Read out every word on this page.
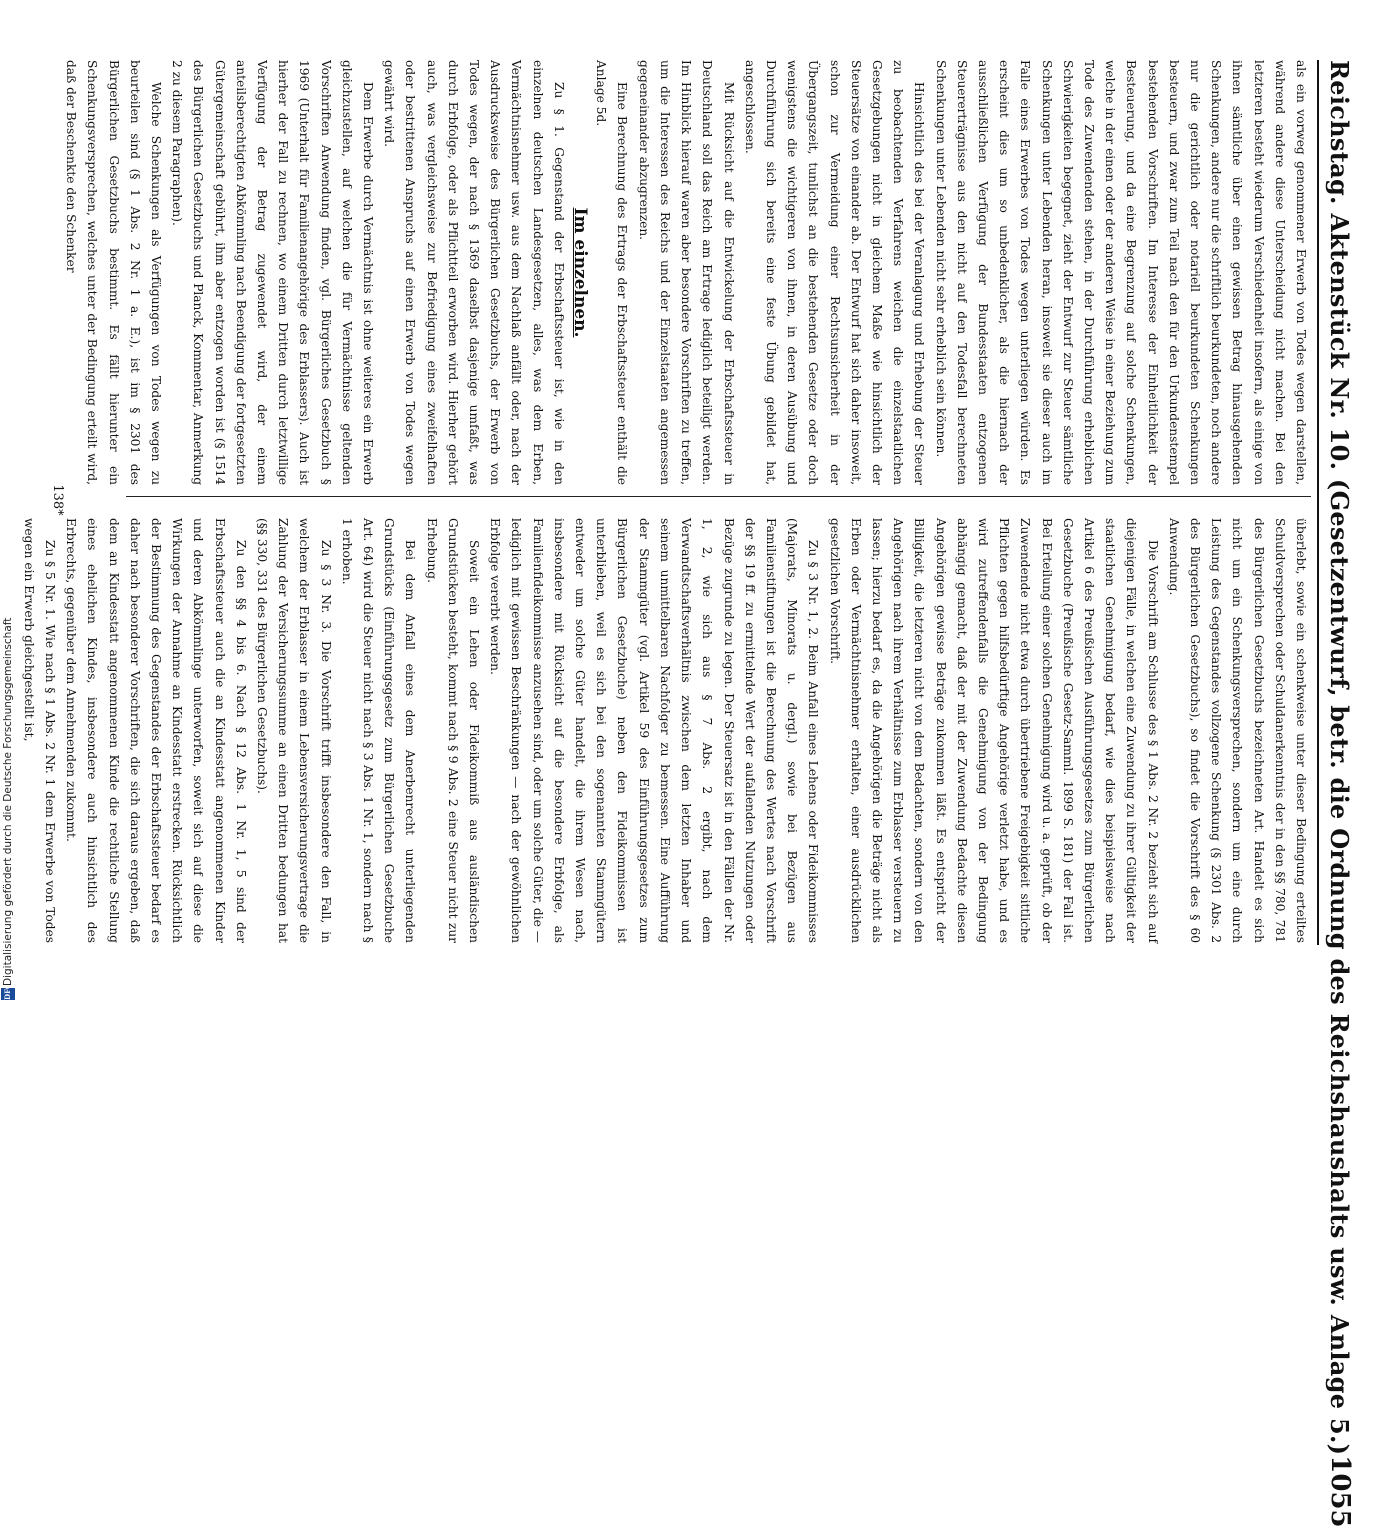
Reichstag. Aktenstück Nr. 10. (Gesetzentwurf, betr. die Ordnung des Reichshaushalts usw. Anlage 5.)
1055

als ein vorweg genommener Erwerb von Todes wegen darstellen, während andere diese Unterscheidung nicht machen. Bei den letzteren besteht wiederum Verschiedenheit insofern, als einige von ihnen sämtliche über einen gewissen Betrag hinausgehenden Schenkungen, andere nur die schriftlich beurkundeten, noch andere nur die gerichtlich oder notariell beurkundeten Schenkungen besteuern, und zwar zum Teil nach den für den Urkundenstempel bestehenden Vorschriften. Im Interesse der Einheitlichkeit der Besteuerung, und da eine Begrenzung auf solche Schenkungen, welche in der einen oder der anderen Weise in einer Beziehung zum Tode des Zuwendenden stehen, in der Durchführung erheblichen Schwierigkeiten begegnet, zieht der Entwurf zur Steuer sämtliche Schenkungen unter Lebenden heran, insoweit sie dieser auch im Falle eines Erwerbes von Todes wegen unterliegen würden. Es erscheint dies um so unbedenklicher, als die hiernach der ausschließlichen Verfügung der Bundesstaaten entzogenen Steuererträgnisse aus den nicht auf den Todesfall berechneten Schenkungen unter Lebenden nicht sehr erheblich sein können.

Hinsichtlich des bei der Veranlagung und Erhebung der Steuer zu beobachtenden Verfahrens weichen die einzelstaatlichen Gesetzgebungen nicht in gleichem Maße wie hinsichtlich der Steuersätze von einander ab. Der Entwurf hat sich daher insoweit, schon zur Vermeidung einer Rechtsunsicherheit in der Übergangszeit, tunlichst an die bestehenden Gesetze oder doch wenigstens die wichtigeren von ihnen, in deren Ausübung und Durchführung sich bereits eine feste Übung gebildet hat, angeschlossen.

Mit Rücksicht auf die Entwickelung der Erbschaftssteuer in Deutschland soll das Reich am Ertrage lediglich beteiligt werden. Im Hinblick hierauf waren aber besondere Vorschriften zu treffen, um die Interessen des Reichs und der Einzelstaaten angemessen gegeneinander abzugrenzen.

Eine Berechnung des Ertrags der Erbschaftssteuer enthält die Anlage 5d.

Im einzelnen.

Zu § 1. Gegenstand der Erbschaftssteuer ist, wie in den einzelnen deutschen Landesgesetzen, alles, was dem Erben, Vermächtnisnehmer usw. aus dem Nachlaß anfällt oder, nach der Ausdrucksweise des Bürgerlichen Gesetzbuchs, der Erwerb von Todes wegen, der nach § 1369 daselbst dasjenige umfaßt, was durch Erbfolge, oder als Pflichtteil erworben wird. Hierher gehört auch, was vergleichsweise zur Befriedigung eines zweifelhaften oder bestrittenen Anspruchs auf einen Erwerb von Todes wegen gewährt wird.

Dem Erwerbe durch Vermächtnis ist ohne weiteres ein Erwerb gleichzustellen, auf welchen die für Vermächtnisse geltenden Vorschriften Anwendung finden, vgl. Bürgerliches Gesetzbuch § 1969 (Unterhalt für Familienangehörige des Erblassers). Auch ist hierher der Fall zu rechnen, wo einem Dritten durch letztwillige Verfügung der Betrag zugewendet wird, der einem anteilsberechtigten Abkömmling nach Beendigung der fortgesetzten Gütergemeinschaft gebührt, ihm aber entzogen worden ist (§ 1514 des Bürgerlichen Gesetzbuchs und Planck, Kommentar, Anmerkung 2 zu diesem Paragraphen).

Welche Schenkungen als Verfügungen von Todes wegen zu beurteilen sind (§ 1 Abs. 2 Nr. 1 a. E.), ist im § 2301 des Bürgerlichen Gesetzbuchs bestimmt. Es fällt hierunter ein Schenkungsversprechen, welches unter der Bedingung erteilt wird, daß der Beschenkte den Schenker

überlebt, sowie ein schenkweise unter dieser Bedingung erteiltes Schuldversprechen oder Schuldanerkenntnis der in den §§ 780, 781 des Bürgerlichen Gesetzbuchs bezeichneten Art. Handelt es sich nicht um ein Schenkungsversprechen, sondern um eine durch Leistung des Gegenstandes vollzogene Schenkung (§ 2301 Abs. 2 des Bürgerlichen Gesetzbuchs), so findet die Vorschrift des § 60 Anwendung.

Die Vorschrift am Schlusse des § 1 Abs. 2 Nr. 2 bezieht sich auf diejenigen Fälle, in welchen eine Zuwendung zu ihrer Gültigkeit der staatlichen Genehmigung bedarf, wie dies beispielsweise nach Artikel 6 des Preußischen Ausführungsgesetzes zum Bürgerlichen Gesetzbuche (Preußische Gesetz-Samml. 1899 S. 181) der Fall ist. Bei Erteilung einer solchen Genehmigung wird u. a. geprüft, ob der Zuwendende nicht etwa durch übertriebene Freigebigkeit sittliche Pflichten gegen hilfsbedürftige Angehörige verletzt habe, und es wird zutreffendenfalls die Genehmigung von der Bedingung abhängig gemacht, daß der mit der Zuwendung Bedachte diesen Angehörigen gewisse Beträge zukommen läßt. Es entspricht der Billigkeit, die letzteren nicht von dem Bedachten, sondern von den Angehörigen nach ihrem Verhältnisse zum Erblasser versteuern zu lassen; hierzu bedarf es, da die Angehörigen die Beträge nicht als Erben oder Vermächtnisnehmer erhalten, einer ausdrücklichen gesetzlichen Vorschrift.

Zu § 3 Nr. 1, 2. Beim Anfall eines Lehens oder Fideikommisses (Majorats, Minorats u. dergl.) sowie bei Bezügen aus Familienstiftungen ist die Berechnung des Wertes nach Vorschrift der §§ 19 ff. zu ermittelnde Wert der aufallenden Nutzungen oder Bezüge zugrunde zu legen. Der Steuersatz ist in den Fällen der Nr. 1, 2, wie sich aus § 7 Abs. 2 ergibt, nach dem Verwandtschaftsverhältnis zwischen dem letzten Inhaber und seinem unmittelbaren Nachfolger zu bemessen. Eine Aufführung der Stammgüter (vgl. Artikel 59 des Einführungsgesetzes zum Bürgerlichen Gesetzbuche) neben den Fideikommissen ist unterblieben, weil es sich bei den sogenannten Stammgütern entweder um solche Güter handelt, die ihrem Wesen nach, insbesondere mit Rücksicht auf die besondere Erbfolge, als Familienfideikommisse anzusehen sind, oder um solche Güter, die — lediglich mit gewissen Beschränkungen — nach der gewöhnlichen Erbfolge vererbt werden.

Soweit ein Lehen oder Fideikommiß aus ausländischen Grundstücken besteht, kommt nach § 9 Abs. 2 eine Steuer nicht zur Erhebung.

Bei dem Anfall eines dem Anerbenrecht unterliegenden Grundstücks (Einführungsgesetz zum Bürgerlichen Gesetzbuche Art. 64) wird die Steuer nicht nach § 3 Abs. 1 Nr. 1, sondern nach § 1 erhoben.

Zu § 3 Nr. 3. Die Vorschrift trifft insbesondere den Fall, in welchem der Erblasser in einem Lebensversicherungsvertrage die Zahlung der Versicherungssumme an einen Dritten bedungen hat (§§ 330, 331 des Bürgerlichen Gesetzbuchs).

Zu den §§ 4 bis 6. Nach § 12 Abs. 1 Nr. 1, 5 sind der Erbschaftssteuer auch die an Kindesstatt angenommenen Kinder und deren Abkömmlinge unterworfen, soweit sich auf diese die Wirkungen der Annahme an Kindesstatt erstrecken. Rücksichtlich der Bestimmung des Gegenstandes der Erbschaftssteuer bedarf es daher nach besonderer Vorschriften, die sich daraus ergeben, daß dem an Kindesstatt angenommenen Kinde die rechtliche Stellung eines ehelichen Kindes, insbesondere auch hinsichtlich des Erbrechts, gegenüber dem Annehmenden zukommt.

Zu § 5 Nr. 1. Wie nach § 1 Abs. 2 Nr. 1 dem Erwerbe von Todes wegen ein Erwerb gleichgestellt ist,

138*
DFG
Digitalisierung gefördert durch die Deutsche Forschungsgemeinschaft
